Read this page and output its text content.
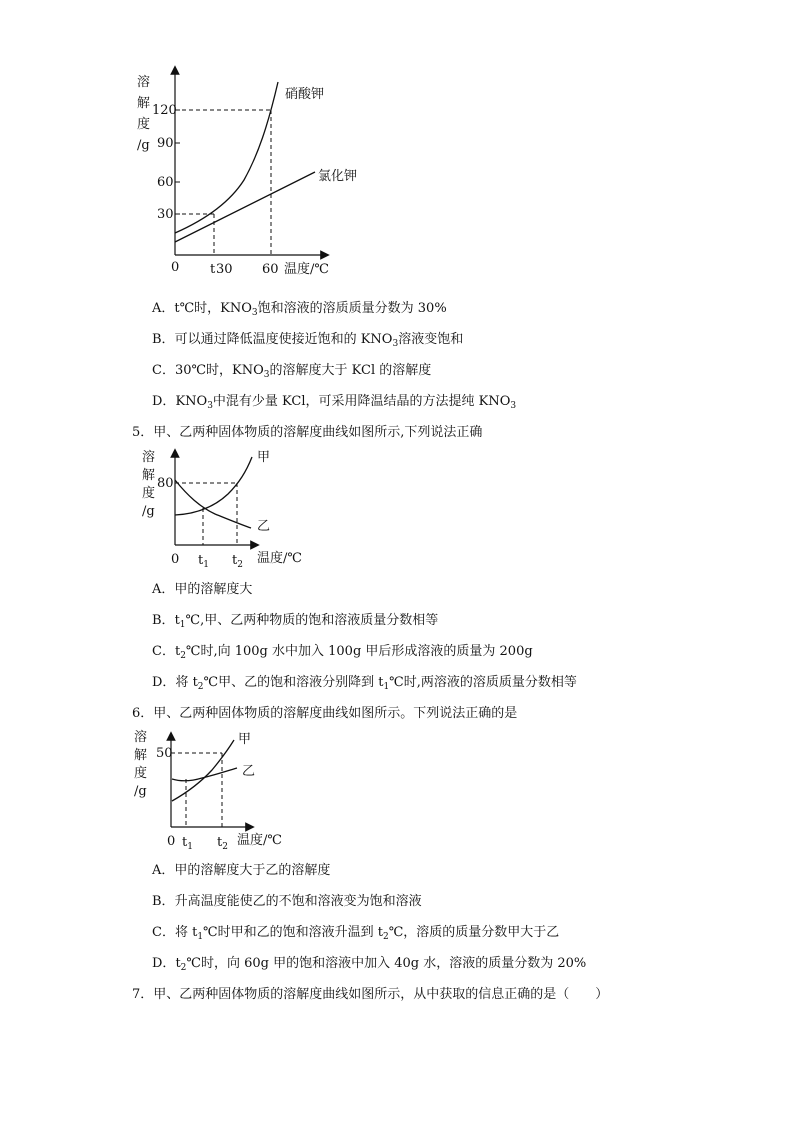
溶
解
度
/g
120
90
60
30
0 t 30 60 温度/℃
硝酸钾
氯化钾
A．t℃时，$KNO_3$饱和溶液的溶质质量分数为 30%
B．可以通过降低温度使接近饱和的 $KNO_3$溶液变饱和
C．30℃时，$KNO_3$的溶解度大于 KCl 的溶解度
D．$KNO_3$中混有少量 KCl，可采用降温结晶的方法提纯 $KNO_3$
5．甲、乙两种固体物质的溶解度曲线如图所示,下列说法正确
溶
解
度
/g
80
0 $t_1$ $t_2$ 温度/℃
甲
乙
A．甲的溶解度大
B．$t_1℃$,甲、乙两种物质的饱和溶液质量分数相等
C．$t_2℃$时,向 100g 水中加入 100g 甲后形成溶液的质量为 200g
D．将 $t_2℃$甲、乙的饱和溶液分别降到 $t_1℃$时,两溶液的溶质质量分数相等
6．甲、乙两种固体物质的溶解度曲线如图所示。下列说法正确的是
溶
解
度
/g
50
0 $t_1$ $t_2$ 温度/℃
甲
乙
A．甲的溶解度大于乙的溶解度
B．升高温度能使乙的不饱和溶液变为饱和溶液
C．将 $t_1℃$时甲和乙的饱和溶液升温到 $t_2℃$，溶质的质量分数甲大于乙
D．$t_2℃$时，向 60g 甲的饱和溶液中加入 40g 水，溶液的质量分数为 20%
7．甲、乙两种固体物质的溶解度曲线如图所示，从中获取的信息正确的是（　　）
